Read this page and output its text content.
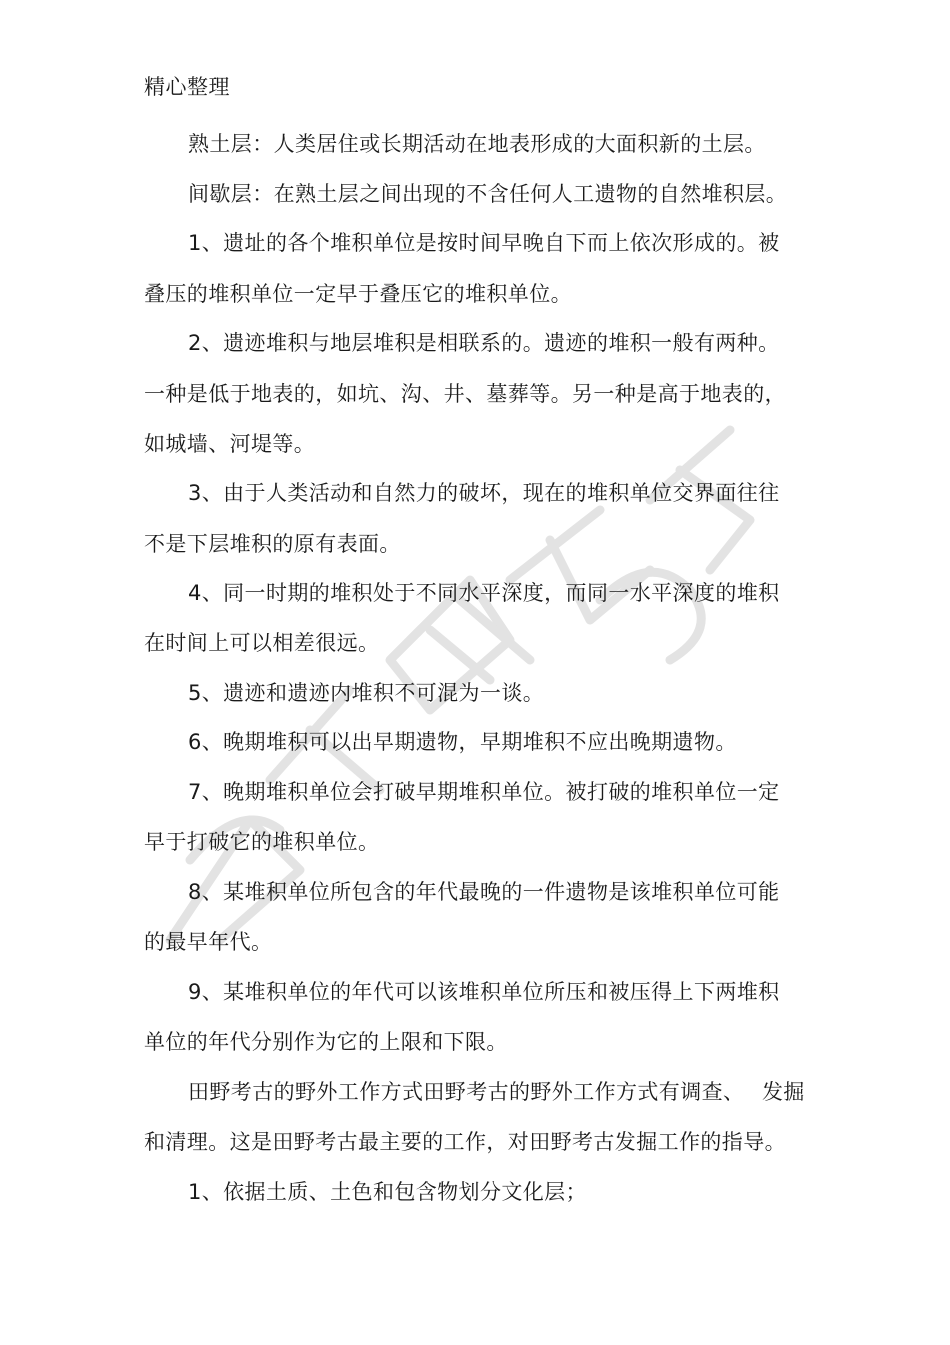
精心整理
熟土层：人类居住或长期活动在地表形成的大面积新的土层。
间歇层：在熟土层之间出现的不含任何人工遗物的自然堆积层。
1、遗址的各个堆积单位是按时间早晚自下而上依次形成的。被
叠压的堆积单位一定早于叠压它的堆积单位。
2、遗迹堆积与地层堆积是相联系的。遗迹的堆积一般有两种。
一种是低于地表的，如坑、沟、井、墓葬等。另一种是高于地表的，
如城墙、河堤等。
3、由于人类活动和自然力的破坏，现在的堆积单位交界面往往
不是下层堆积的原有表面。
4、同一时期的堆积处于不同水平深度，而同一水平深度的堆积
在时间上可以相差很远。
5、遗迹和遗迹内堆积不可混为一谈。
6、晚期堆积可以出早期遗物，早期堆积不应出晚期遗物。
7、晚期堆积单位会打破早期堆积单位。被打破的堆积单位一定
早于打破它的堆积单位。
8、某堆积单位所包含的年代最晚的一件遗物是该堆积单位可能
的最早年代。
9、某堆积单位的年代可以该堆积单位所压和被压得上下两堆积
单位的年代分别作为它的上限和下限。
田野考古的野外工作方式田野考古的野外工作方式有调查、 发掘
和清理。这是田野考古最主要的工作，对田野考古发掘工作的指导。
1、依据土质、土色和包含物划分文化层；
